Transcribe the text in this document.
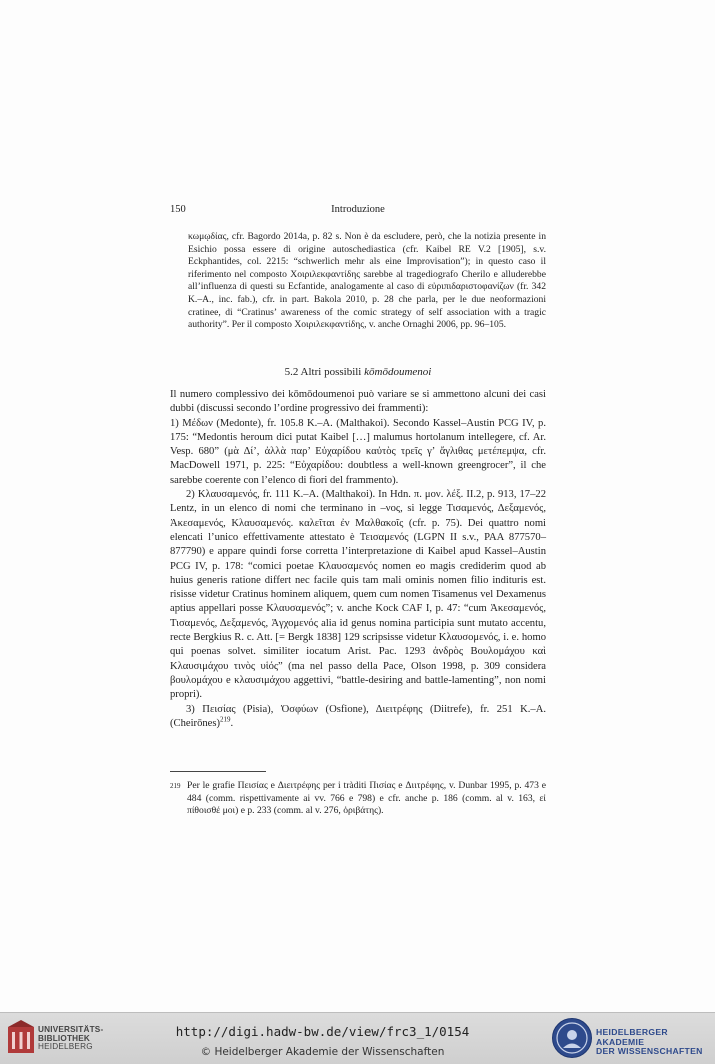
150	Introduzione

κωμῳδίας, cfr. Bagordo 2014a, p. 82 s. Non è da escludere, però, che la notizia presente in Esichio possa essere di origine autoschediastica (cfr. Kaibel RE V.2 [1905], s.v. Eckphantides, col. 2215: “schwerlich mehr als eine Improvisation”); in questo caso il riferimento nel composto Χοιριλεκφαντίδης sarebbe al tragediografo Cherilo e alluderebbe all’influenza di questi su Ecfantide, analogamente al caso di εὐριπιδαριστοφανίζων (fr. 342 K.–A., inc. fab.), cfr. in part. Bakola 2010, p. 28 che parla, per le due neoformazioni cratinee, di “Cratinus’ awareness of the comic strategy of self association with a tragic authority”. Per il composto Χοιριλεκφαντίδης, v. anche Ornaghi 2006, pp. 96–105.

5.2 Altri possibili kōmōdoumenoi

Il numero complessivo dei kōmōdoumenoi può variare se si ammettono alcuni dei casi dubbi (discussi secondo l’ordine progressivo dei frammenti):

1) Μέδων (Medonte), fr. 105.8 K.–A. (Malthakoi). Secondo Kassel–Austin PCG IV, p. 175: “Medontis heroum dici putat Kaibel […] malumus hortolanum intellegere, cf. Ar. Vesp. 680” (μὰ Δί’, ἀλλὰ παρ’ Εὐχαρίδου καὐτὸς τρεῖς γ’ ἄγλιθας μετέπεμψα, cfr. MacDowell 1971, p. 225: “Εὐχαρίδου: doubtless a well-known greengrocer”, il che sarebbe coerente con l’elenco di fiori del frammento).

2) Κλαυσαμενός, fr. 111 K.–A. (Malthakoi). In Hdn. π. μον. λέξ. II.2, p. 913, 17–22 Lentz, in un elenco di nomi che terminano in –νος, si legge Τισαμενός, Δεξαμενός, Ἀκεσαμενός, Κλαυσαμενός. καλεῖται ἐν Μαλθακοῖς (cfr. p. 75). Dei quattro nomi elencati l’unico effettivamente attestato è Τεισαμενός (LGPN II s.v., PAA 877570–877790) e appare quindi forse corretta l’interpretazione di Kaibel apud Kassel–Austin PCG IV, p. 178: “comici poetae Κλαυσαμενός nomen eo magis crediderim quod ab huius generis ratione differt nec facile quis tam mali ominis nomen filio indituris est. risisse videtur Cratinus hominem aliquem, quem cum nomen Tisamenus vel Dexamenus aptius appellari posse Κλαυσαμενός”; v. anche Kock CAF I, p. 47: “cum Ἀκεσαμενός, Τισαμενός, Δεξαμενός, Ἀγχομενός alia id genus nomina participia sunt mutato accentu, recte Bergkius R. c. Att. [= Bergk 1838] 129 scripsisse videtur Κλαυσομενός, i. e. homo qui poenas solvet. similiter iocatum Arist. Pac. 1293 ἀνδρὸς Βουλομάχου καὶ Κλαυσιμάχου τινὸς υἱός” (ma nel passo della Pace, Olson 1998, p. 309 considera βουλομάχου e κλαυσιμάχου aggettivi, “battle-desiring and battle-lamenting”, non nomi propri).

3) Πεισίας (Pisia), Ὀσφύων (Osfione), Διειτρέφης (Diitrefe), fr. 251 K.–A. (Cheirōnes)$^{219}$.

219 Per le grafie Πεισίας e Διειτρέφης per i tràditi Πισίας e Διιτρέφης, v. Dunbar 1995, p. 473 e 484 (comm. rispettivamente ai vv. 766 e 798) e cfr. anche p. 186 (comm. al v. 163, εἰ πίθοισθέ μοι) e p. 233 (comm. al v. 276, ὀριβάτης).
UNIVERSITÄTS-
BIBLIOTHEK
HEIDELBERG
http://digi.hadw-bw.de/view/frc3_1/0154
© Heidelberger Akademie der Wissenschaften
HEIDELBERGER AKADEMIE
DER WISSENSCHAFTEN
